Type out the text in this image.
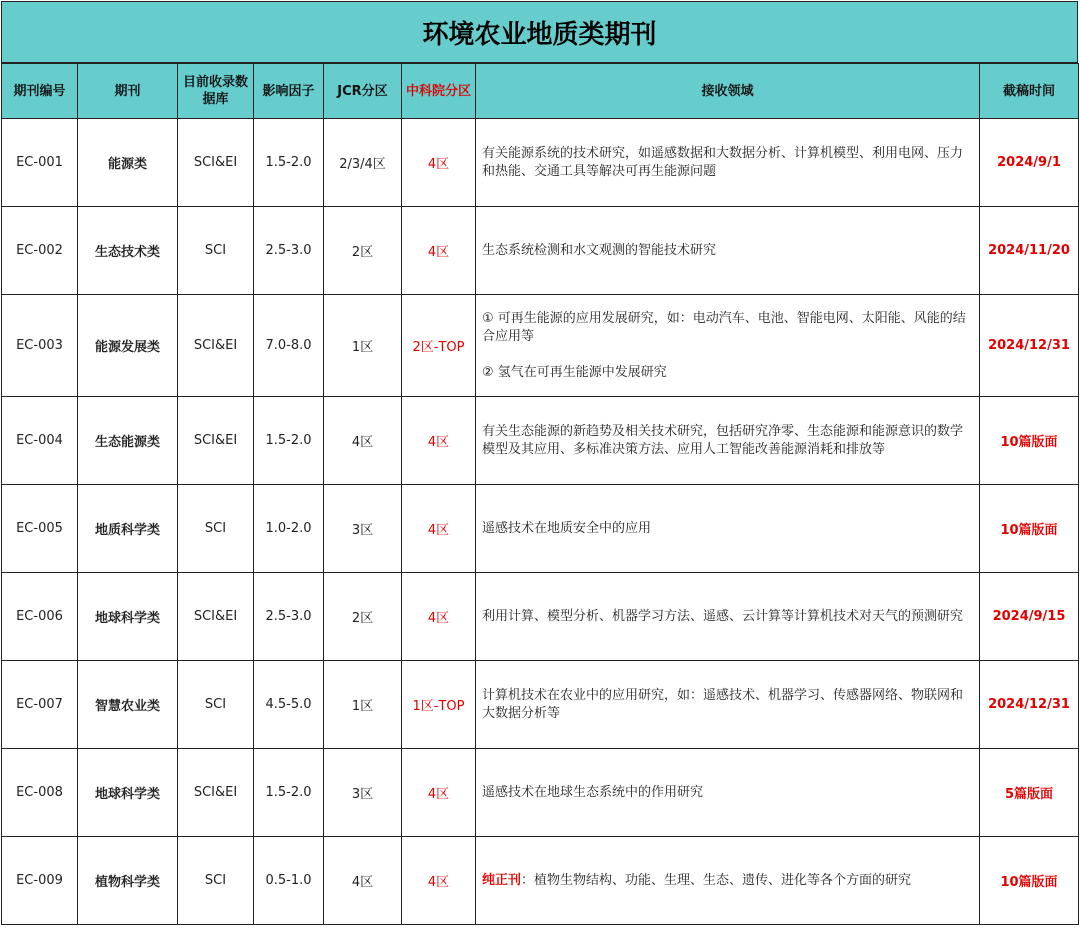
环境农业地质类期刊
期刊编号	期刊	目前收录数据库	影响因子	JCR分区	中科院分区	接收领域	截稿时间
EC-001	能源类	SCI&EI	1.5-2.0	2/3/4区	4区	有关能源系统的技术研究，如遥感数据和大数据分析、计算机模型、利用电网、压力和热能、交通工具等解决可再生能源问题	2024/9/1
EC-002	生态技术类	SCI	2.5-3.0	2区	4区	生态系统检测和水文观测的智能技术研究	2024/11/20
EC-003	能源发展类	SCI&EI	7.0-8.0	1区	2区-TOP	① 可再生能源的应用发展研究，如：电动汽车、电池、智能电网、太阳能、风能的结合应用等
② 氢气在可再生能源中发展研究	2024/12/31
EC-004	生态能源类	SCI&EI	1.5-2.0	4区	4区	有关生态能源的新趋势及相关技术研究，包括研究净零、生态能源和能源意识的数学模型及其应用、多标准决策方法、应用人工智能改善能源消耗和排放等	10篇版面
EC-005	地质科学类	SCI	1.0-2.0	3区	4区	遥感技术在地质安全中的应用	10篇版面
EC-006	地球科学类	SCI&EI	2.5-3.0	2区	4区	利用计算、模型分析、机器学习方法、遥感、云计算等计算机技术对天气的预测研究	2024/9/15
EC-007	智慧农业类	SCI	4.5-5.0	1区	1区-TOP	计算机技术在农业中的应用研究，如：遥感技术、机器学习、传感器网络、物联网和大数据分析等	2024/12/31
EC-008	地球科学类	SCI&EI	1.5-2.0	3区	4区	遥感技术在地球生态系统中的作用研究	5篇版面
EC-009	植物科学类	SCI	0.5-1.0	4区	4区	纯正刊：植物生物结构、功能、生理、生态、遗传、进化等各个方面的研究	10篇版面
